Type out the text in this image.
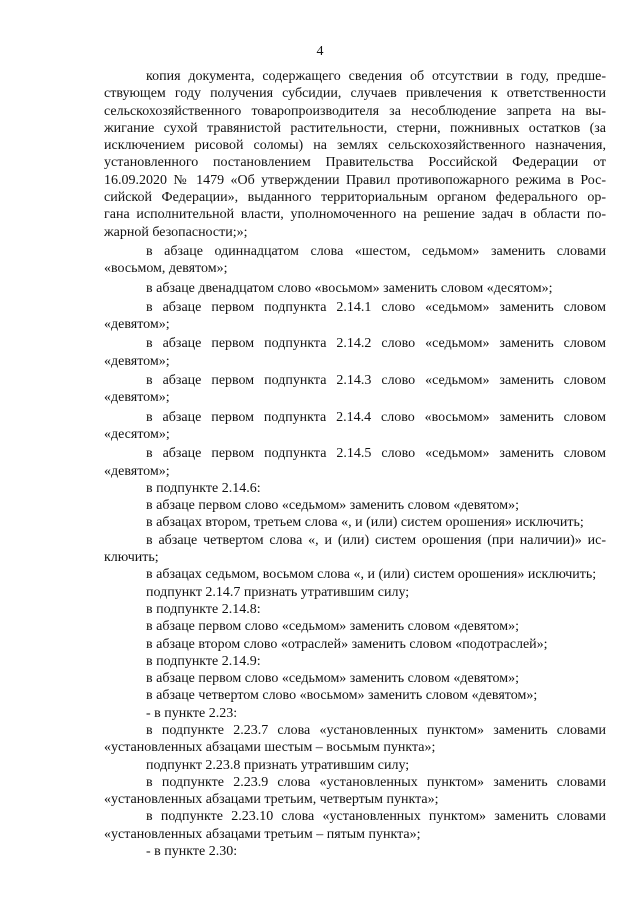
4
копия документа, содержащего сведения об отсутствии в году, предше-
ствующем году получения субсидии, случаев привлечения к ответственности
сельскохозяйственного товаропроизводителя за несоблюдение запрета на вы-
жигание сухой травянистой растительности, стерни, пожнивных остатков (за
исключением рисовой соломы) на землях сельскохозяйственного назначения,
установленного постановлением Правительства Российской Федерации от
16.09.2020 № 1479 «Об утверждении Правил противопожарного режима в Рос-
сийской Федерации», выданного территориальным органом федерального ор-
гана исполнительной власти, уполномоченного на решение задач в области по-
жарной безопасности;»;

в абзаце одиннадцатом слова «шестом, седьмом» заменить словами «восьмом, девятом»;

в абзаце двенадцатом слово «восьмом» заменить словом «десятом»;

в абзаце первом подпункта 2.14.1 слово «седьмом» заменить словом «девятом»;

в абзаце первом подпункта 2.14.2 слово «седьмом» заменить словом «девятом»;

в абзаце первом подпункта 2.14.3 слово «седьмом» заменить словом «девятом»;

в абзаце первом подпункта 2.14.4 слово «восьмом» заменить словом «десятом»;

в абзаце первом подпункта 2.14.5 слово «седьмом» заменить словом «девятом»;

в подпункте 2.14.6:

в абзаце первом слово «седьмом» заменить словом «девятом»;

в абзацах втором, третьем слова «, и (или) систем орошения» исключить;

в абзаце четвертом слова «, и (или) систем орошения (при наличии)» ис-
ключить;

в абзацах седьмом, восьмом слова «, и (или) систем орошения» исключить;

подпункт 2.14.7 признать утратившим силу;

в подпункте 2.14.8:

в абзаце первом слово «седьмом» заменить словом «девятом»;

в абзаце втором слово «отраслей» заменить словом «подотраслей»;

в подпункте 2.14.9:

в абзаце первом слово «седьмом» заменить словом «девятом»;

в абзаце четвертом слово «восьмом» заменить словом «девятом»;

- в пункте 2.23:

в подпункте 2.23.7 слова «установленных пунктом» заменить словами «установленных абзацами шестым – восьмым пункта»;

подпункт 2.23.8 признать утратившим силу;

в подпункте 2.23.9 слова «установленных пунктом» заменить словами «установленных абзацами третьим, четвертым пункта»;

в подпункте 2.23.10 слова «установленных пунктом» заменить словами «установленных абзацами третьим – пятым пункта»;

- в пункте 2.30:
